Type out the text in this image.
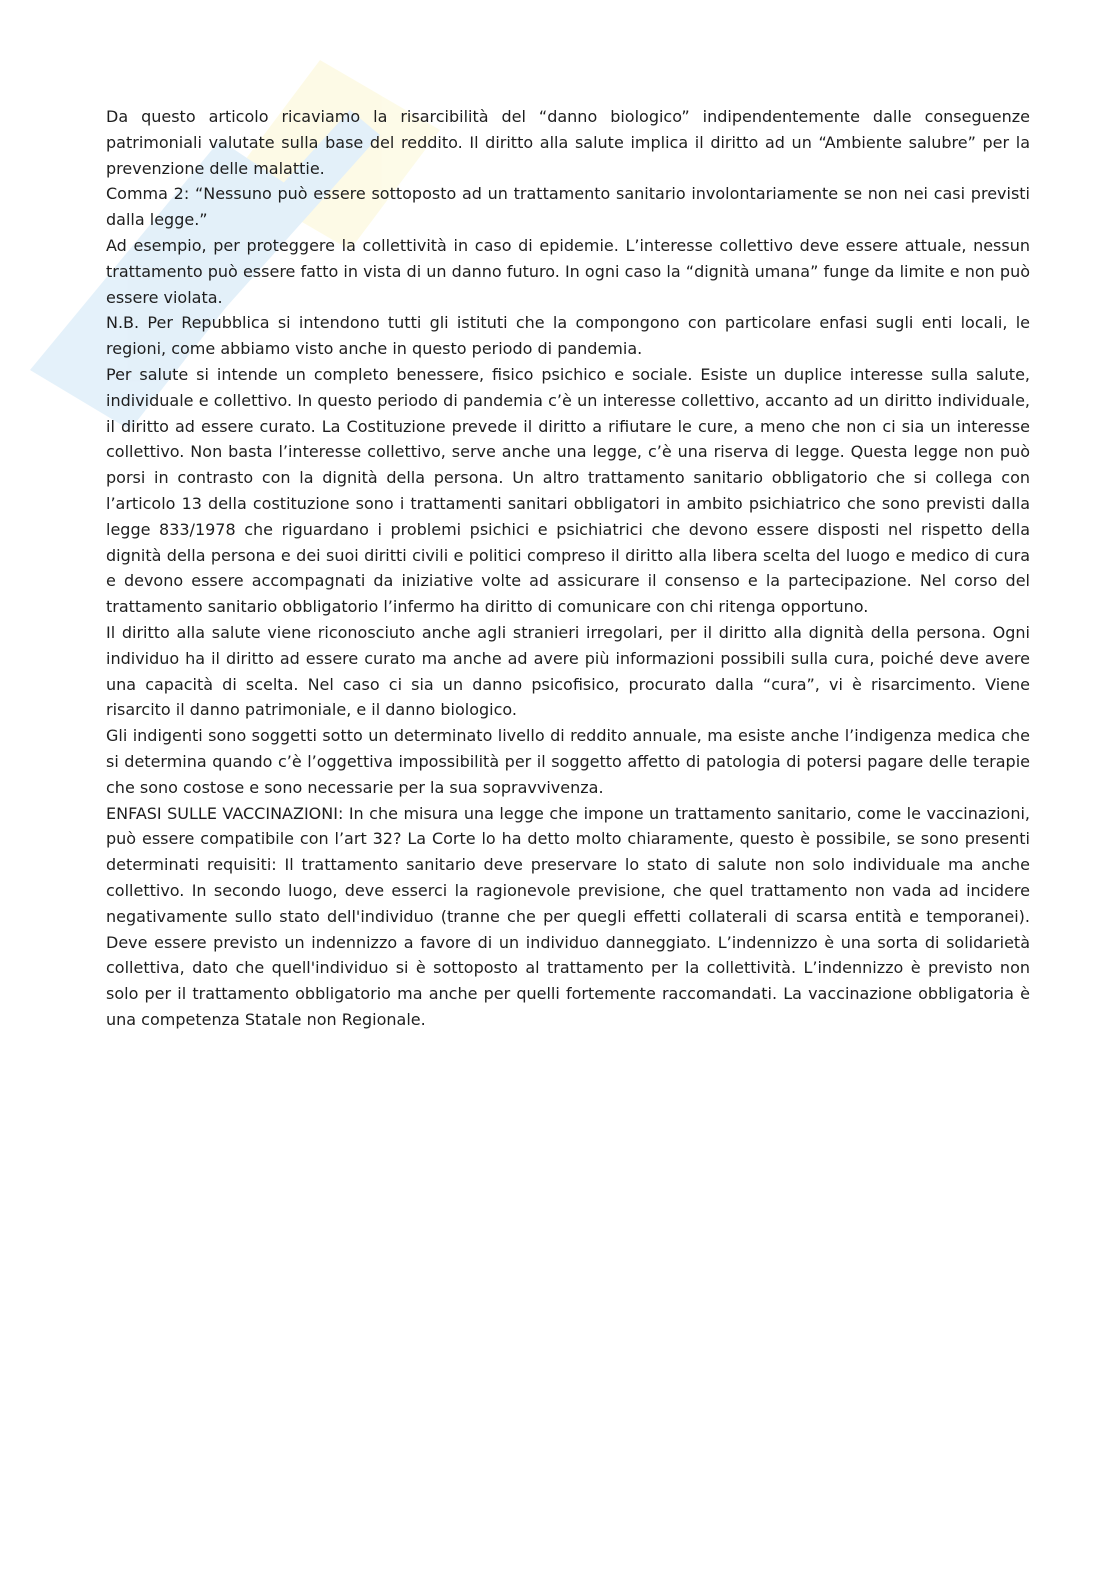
Da questo articolo ricaviamo la risarcibilità del “danno biologico” indipendentemente dalle conseguenze patrimoniali valutate sulla base del reddito. Il diritto alla salute implica il diritto ad un “Ambiente salubre” per la prevenzione delle malattie.

Comma 2: “Nessuno può essere sottoposto ad un trattamento sanitario involontariamente se non nei casi previsti dalla legge.”

Ad esempio, per proteggere la collettività in caso di epidemie. L’interesse collettivo deve essere attuale, nessun trattamento può essere fatto in vista di un danno futuro. In ogni caso la “dignità umana” funge da limite e non può essere violata.

N.B. Per Repubblica si intendono tutti gli istituti che la compongono con particolare enfasi sugli enti locali, le regioni, come abbiamo visto anche in questo periodo di pandemia.

Per salute si intende un completo benessere, fisico psichico e sociale. Esiste un duplice interesse sulla salute, individuale e collettivo. In questo periodo di pandemia c’è un interesse collettivo, accanto ad un diritto individuale, il diritto ad essere curato. La Costituzione prevede il diritto a rifiutare le cure, a meno che non ci sia un interesse collettivo. Non basta l’interesse collettivo, serve anche una legge, c’è una riserva di legge. Questa legge non può porsi in contrasto con la dignità della persona. Un altro trattamento sanitario obbligatorio che si collega con l’articolo 13 della costituzione sono i trattamenti sanitari obbligatori in ambito psichiatrico che sono previsti dalla legge 833/1978 che riguardano i problemi psichici e psichiatrici che devono essere disposti nel rispetto della dignità della persona e dei suoi diritti civili e politici compreso il diritto alla libera scelta del luogo e medico di cura e devono essere accompagnati da iniziative volte ad assicurare il consenso e la partecipazione. Nel corso del trattamento sanitario obbligatorio l’infermo ha diritto di comunicare con chi ritenga opportuno.

Il diritto alla salute viene riconosciuto anche agli stranieri irregolari, per il diritto alla dignità della persona. Ogni individuo ha il diritto ad essere curato ma anche ad avere più informazioni possibili sulla cura, poiché deve avere una capacità di scelta. Nel caso ci sia un danno psicofisico, procurato dalla “cura”, vi è risarcimento. Viene risarcito il danno patrimoniale, e il danno biologico.

Gli indigenti sono soggetti sotto un determinato livello di reddito annuale, ma esiste anche l’indigenza medica che si determina quando c’è l’oggettiva impossibilità per il soggetto affetto di patologia di potersi pagare delle terapie che sono costose e sono necessarie per la sua sopravvivenza.

ENFASI SULLE VACCINAZIONI: In che misura una legge che impone un trattamento sanitario, come le vaccinazioni, può essere compatibile con l’art 32? La Corte lo ha detto molto chiaramente, questo è possibile, se sono presenti determinati requisiti: Il trattamento sanitario deve preservare lo stato di salute non solo individuale ma anche collettivo. In secondo luogo, deve esserci la ragionevole previsione, che quel trattamento non vada ad incidere negativamente sullo stato dell'individuo (tranne che per quegli effetti collaterali di scarsa entità e temporanei). Deve essere previsto un indennizzo a favore di un individuo danneggiato. L’indennizzo è una sorta di solidarietà collettiva, dato che quell'individuo si è sottoposto al trattamento per la collettività. L’indennizzo è previsto non solo per il trattamento obbligatorio ma anche per quelli fortemente raccomandati. La vaccinazione obbligatoria è una competenza Statale non Regionale.
